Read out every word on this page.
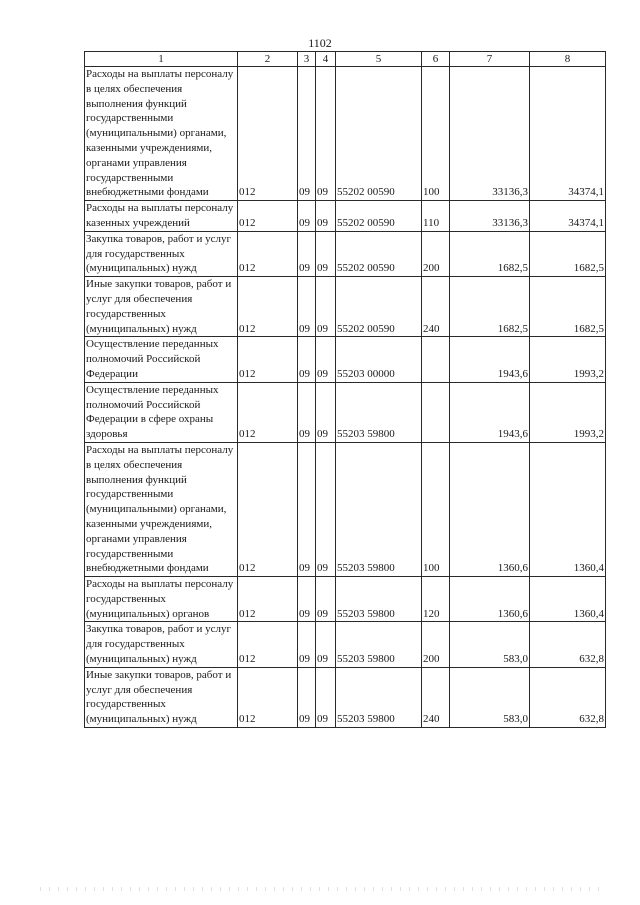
1102
1	2	3	4	5	6	7	8
Расходы на выплаты персоналу в целях обеспечения выполнения функций государственными (муниципальными) органами, казенными учреждениями, органами управления государственными внебюджетными фондами	012	09	09	55202 00590	100	33136,3	34374,1
Расходы на выплаты персоналу казенных учреждений	012	09	09	55202 00590	110	33136,3	34374,1
Закупка товаров, работ и услуг для государственных (муниципальных) нужд	012	09	09	55202 00590	200	1682,5	1682,5
Иные закупки товаров, работ и услуг для обеспечения государственных (муниципальных) нужд	012	09	09	55202 00590	240	1682,5	1682,5
Осуществление переданных полномочий Российской Федерации	012	09	09	55203 00000		1943,6	1993,2
Осуществление переданных полномочий Российской Федерации в сфере охраны здоровья	012	09	09	55203 59800		1943,6	1993,2
Расходы на выплаты персоналу в целях обеспечения выполнения функций государственными (муниципальными) органами, казенными учреждениями, органами управления государственными внебюджетными фондами	012	09	09	55203 59800	100	1360,6	1360,4
Расходы на выплаты персоналу государственных (муниципальных) органов	012	09	09	55203 59800	120	1360,6	1360,4
Закупка товаров, работ и услуг для государственных (муниципальных) нужд	012	09	09	55203 59800	200	583,0	632,8
Иные закупки товаров, работ и услуг для обеспечения государственных (муниципальных) нужд	012	09	09	55203 59800	240	583,0	632,8
